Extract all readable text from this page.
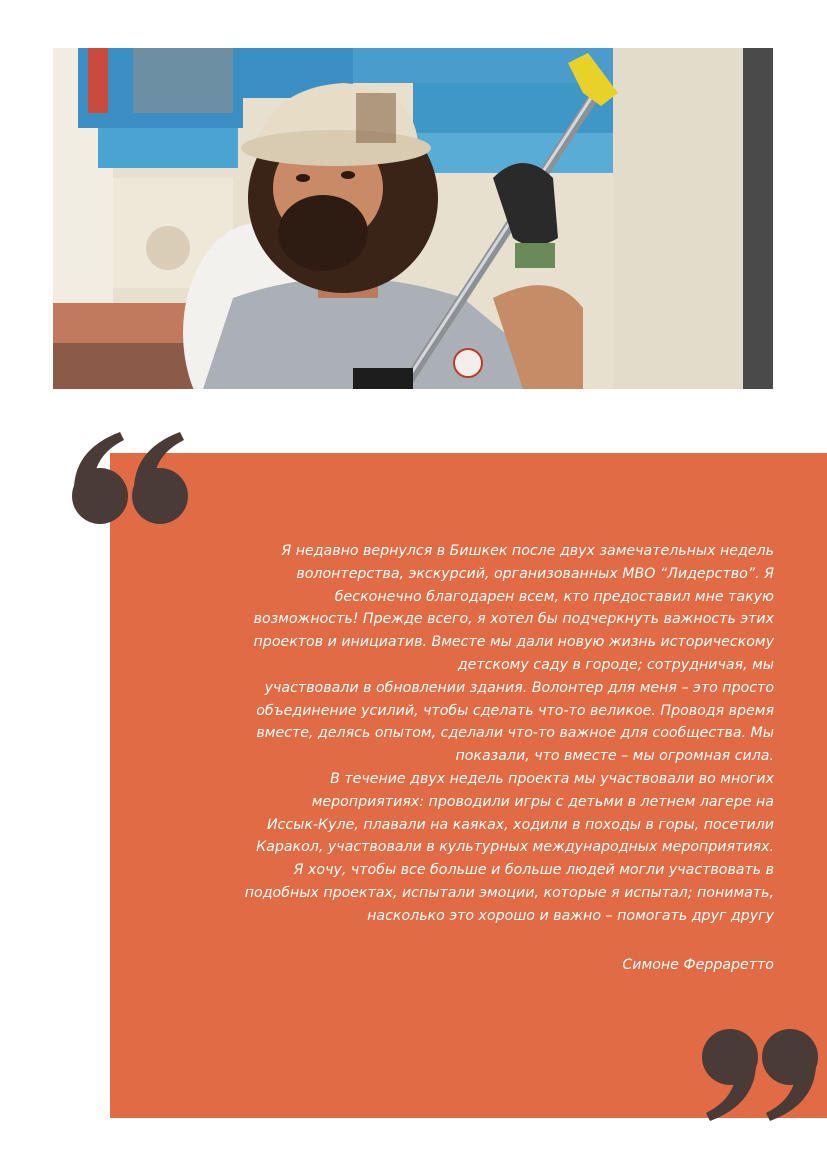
Я недавно вернулся в Бишкек после двух замечательных недель
волонтерства, экскурсий, организованных МВО “Лидерство”. Я
бесконечно благодарен всем, кто предоставил мне такую
возможность! Прежде всего, я хотел бы подчеркнуть важность этих
проектов и инициатив. Вместе мы дали новую жизнь историческому
детскому саду в городе; сотрудничая, мы
участвовали в обновлении здания. Волонтер для меня – это просто
объединение усилий, чтобы сделать что-то великое. Проводя время
вместе, делясь опытом, сделали что-то важное для сообщества. Мы
показали, что вместе – мы огромная сила.
В течение двух недель проекта мы участвовали во многих
мероприятиях: проводили игры с детьми в летнем лагере на
Иссык-Куле, плавали на каяках, ходили в походы в горы, посетили
Каракол, участвовали в культурных международных мероприятиях.
Я хочу, чтобы все больше и больше людей могли участвовать в
подобных проектах, испытали эмоции, которые я испытал; понимать,
насколько это хорошо и важно – помогать друг другу
Симоне Феррарeтто
